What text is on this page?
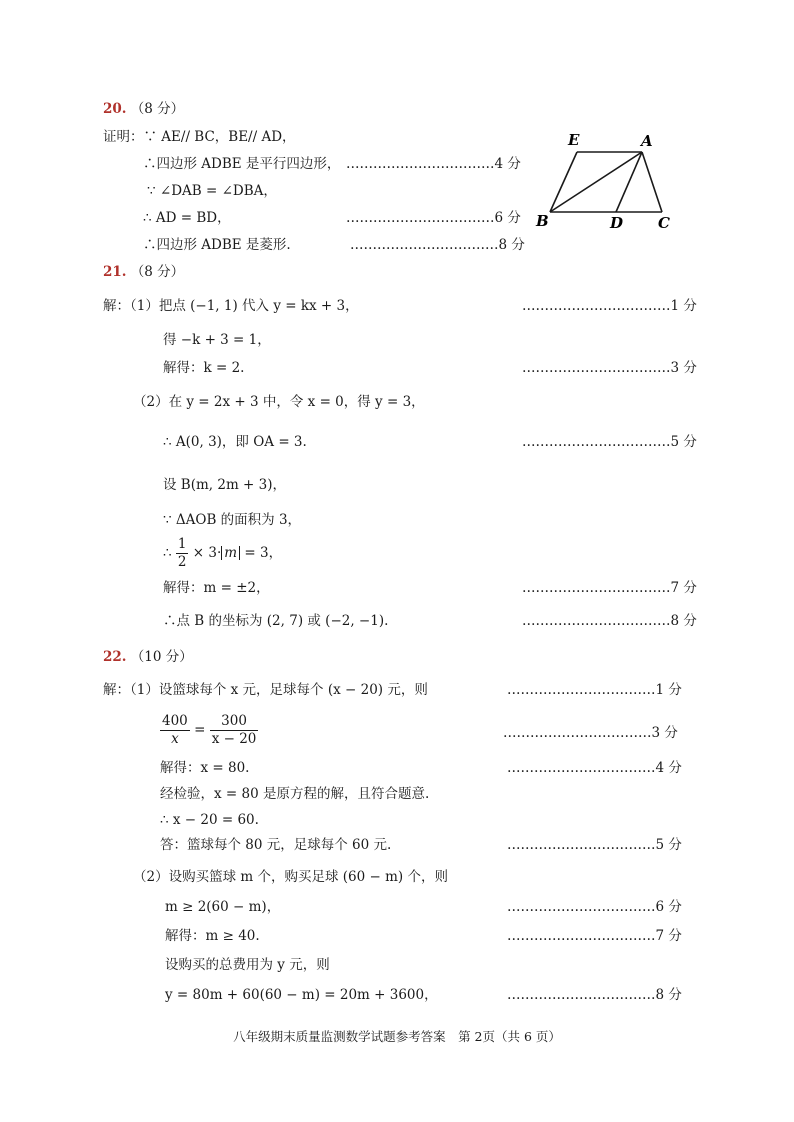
20. （8 分）
证明：∵ AE// BC，BE// AD，
∴四边形 ADBE 是平行四边形， ……………………………4 分
∵ ∠DAB = ∠DBA，
∴ AD = BD，	……………………………6 分
∴四边形 ADBE 是菱形.	……………………………8 分
E	A
B	D C
21. （8 分）
解：（1）把点 (−1, 1) 代入 y = kx + 3，	……………………………1 分
得 −k + 3 = 1，
解得：k = 2.	……………………………3 分
（2）在 y = 2x + 3 中，令 x = 0，得 y = 3，
∴ A(0, 3)，即 OA = 3.	……………………………5 分
设 B(m, 2m + 3)，
∵ ΔAOB 的面积为 3，
∴ $\frac{1}{2} \times 3\cdot m = 3$，
解得：m = ±2，	……………………………7 分
∴点 B 的坐标为 (2, 7) 或 (−2, −1).	……………………………8 分
22. （10 分）
解：（1）设篮球每个 x 元，足球每个 (x − 20) 元，则	……………………………1 分
$\frac{400}{x} = \frac{300}{x - 20}$	……………………………3 分
解得：x = 80.	……………………………4 分
经检验，x = 80 是原方程的解，且符合题意.
∴ x − 20 = 60.
答：篮球每个 80 元，足球每个 60 元.	……………………………5 分
（2）设购买篮球 m 个，购买足球 (60 − m) 个，则
m ≥ 2(60 − m)，	……………………………6 分
解得：m ≥ 40.	……………………………7 分
设购买的总费用为 y 元，则
y = 80m + 60(60 − m) = 20m + 3600，	……………………………8 分
八年级期末质量监测数学试题参考答案　第 2页（共 6 页）
